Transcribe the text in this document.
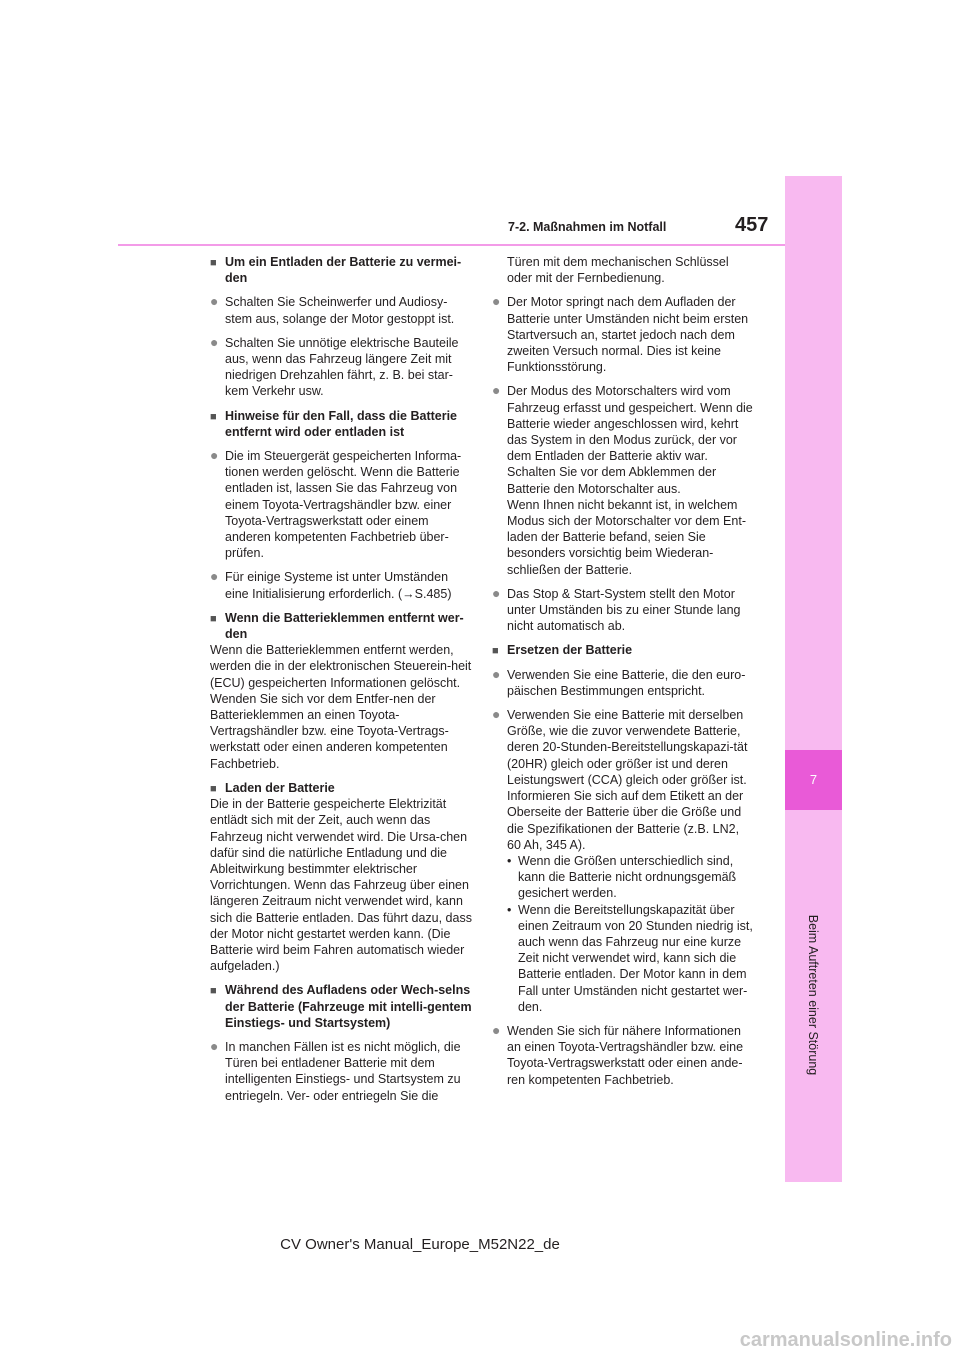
7
Beim Auftreten einer Störung
7-2. Maßnahmen im Notfall	457
■ Um ein Entladen der Batterie zu vermei-den
● Schalten Sie Scheinwerfer und Audiosy-stem aus, solange der Motor gestoppt ist.
● Schalten Sie unnötige elektrische Bauteile aus, wenn das Fahrzeug längere Zeit mit niedrigen Drehzahlen fährt, z. B. bei star-kem Verkehr usw.
■ Hinweise für den Fall, dass die Batterie entfernt wird oder entladen ist
● Die im Steuergerät gespeicherten Informa-tionen werden gelöscht. Wenn die Batterie entladen ist, lassen Sie das Fahrzeug von einem Toyota-Vertragshändler bzw. einer Toyota-Vertragswerkstatt oder einem anderen kompetenten Fachbetrieb über-prüfen.
● Für einige Systeme ist unter Umständen eine Initialisierung erforderlich. (→S.485)
■ Wenn die Batterieklemmen entfernt wer-den

Wenn die Batterieklemmen entfernt werden, werden die in der elektronischen Steuerein-heit (ECU) gespeicherten Informationen gelöscht. Wenden Sie sich vor dem Entfer-nen der Batterieklemmen an einen Toyota-Vertragshändler bzw. eine Toyota-Vertrags-werkstatt oder einen anderen kompetenten Fachbetrieb.

■ Laden der Batterie

Die in der Batterie gespeicherte Elektrizität entlädt sich mit der Zeit, auch wenn das Fahrzeug nicht verwendet wird. Die Ursa-chen dafür sind die natürliche Entladung und die Ableitwirkung bestimmter elektrischer Vorrichtungen. Wenn das Fahrzeug über einen längeren Zeitraum nicht verwendet wird, kann sich die Batterie entladen. Das führt dazu, dass der Motor nicht gestartet werden kann. (Die Batterie wird beim Fahren automatisch wieder aufgeladen.)

■ Während des Aufladens oder Wech-selns der Batterie (Fahrzeuge mit intelli-gentem Einstiegs- und Startsystem)
● In manchen Fällen ist es nicht möglich, die Türen bei entladener Batterie mit dem intelligenten Einstiegs- und Startsystem zu entriegeln. Ver- oder entriegeln Sie die
Türen mit dem mechanischen Schlüssel oder mit der Fernbedienung.
● Der Motor springt nach dem Aufladen der Batterie unter Umständen nicht beim ersten Startversuch an, startet jedoch nach dem zweiten Versuch normal. Dies ist keine Funktionsstörung.
● Der Modus des Motorschalters wird vom Fahrzeug erfasst und gespeichert. Wenn die Batterie wieder angeschlossen wird, kehrt das System in den Modus zurück, der vor dem Entladen der Batterie aktiv war. Schalten Sie vor dem Abklemmen der Batterie den Motorschalter aus.
Wenn Ihnen nicht bekannt ist, in welchem Modus sich der Motorschalter vor dem Ent-laden der Batterie befand, seien Sie besonders vorsichtig beim Wiederan-schließen der Batterie.
● Das Stop & Start-System stellt den Motor unter Umständen bis zu einer Stunde lang nicht automatisch ab.
■ Ersetzen der Batterie
● Verwenden Sie eine Batterie, die den euro-päischen Bestimmungen entspricht.
● Verwenden Sie eine Batterie mit derselben Größe, wie die zuvor verwendete Batterie, deren 20-Stunden-Bereitstellungskapazi-tät (20HR) gleich oder größer ist und deren Leistungswert (CCA) gleich oder größer ist. Informieren Sie sich auf dem Etikett an der Oberseite der Batterie über die Größe und die Spezifikationen der Batterie (z.B. LN2, 60 Ah, 345 A).
• Wenn die Größen unterschiedlich sind, kann die Batterie nicht ordnungsgemäß gesichert werden.
• Wenn die Bereitstellungskapazität über einen Zeitraum von 20 Stunden niedrig ist, auch wenn das Fahrzeug nur eine kurze Zeit nicht verwendet wird, kann sich die Batterie entladen. Der Motor kann in dem Fall unter Umständen nicht gestartet wer-den.
● Wenden Sie sich für nähere Informationen an einen Toyota-Vertragshändler bzw. eine Toyota-Vertragswerkstatt oder einen ande-ren kompetenten Fachbetrieb.
CV Owner's Manual_Europe_M52N22_de
carmanualsonline.info
